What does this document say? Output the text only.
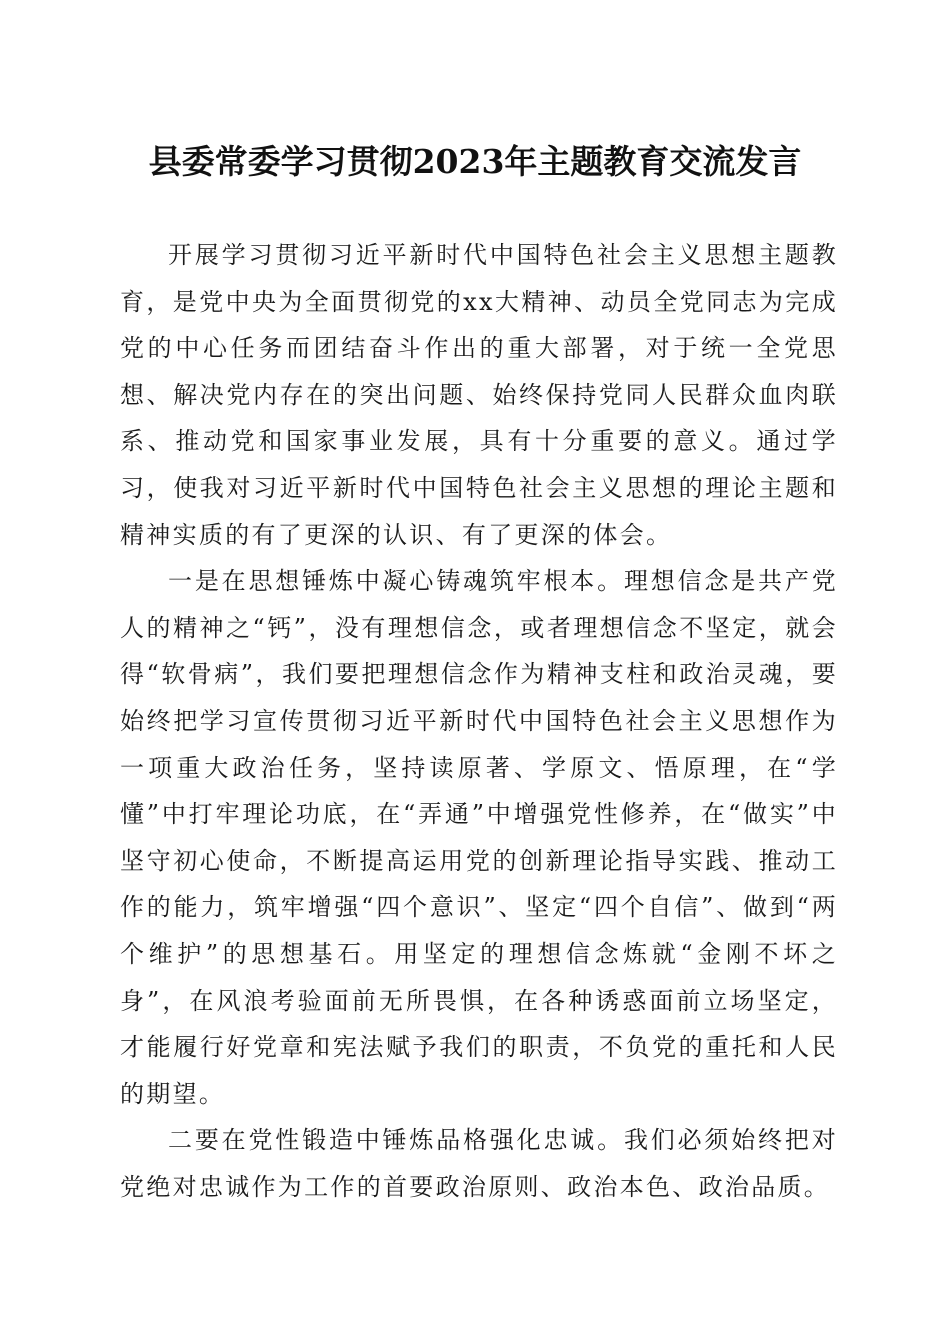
县委常委学习贯彻2023年主题教育交流发言

开展学习贯彻习近平新时代中国特色社会主义思想主题教育，是党中央为全面贯彻党的xx大精神、动员全党同志为完成党的中心任务而团结奋斗作出的重大部署，对于统一全党思想、解决党内存在的突出问题、始终保持党同人民群众血肉联系、推动党和国家事业发展，具有十分重要的意义。通过学习，使我对习近平新时代中国特色社会主义思想的理论主题和精神实质的有了更深的认识、有了更深的体会。

一是在思想锤炼中凝心铸魂筑牢根本。理想信念是共产党人的精神之“钙”，没有理想信念，或者理想信念不坚定，就会得“软骨病”，我们要把理想信念作为精神支柱和政治灵魂，要始终把学习宣传贯彻习近平新时代中国特色社会主义思想作为一项重大政治任务，坚持读原著、学原文、悟原理，在“学懂”中打牢理论功底，在“弄通”中增强党性修养，在“做实”中坚守初心使命，不断提高运用党的创新理论指导实践、推动工作的能力，筑牢增强“四个意识”、坚定“四个自信”、做到“两个维护”的思想基石。用坚定的理想信念炼就“金刚不坏之身”，在风浪考验面前无所畏惧，在各种诱惑面前立场坚定，才能履行好党章和宪法赋予我们的职责，不负党的重托和人民的期望。

二要在党性锻造中锤炼品格强化忠诚。我们必须始终把对党绝对忠诚作为工作的首要政治原则、政治本色、政治品质。
